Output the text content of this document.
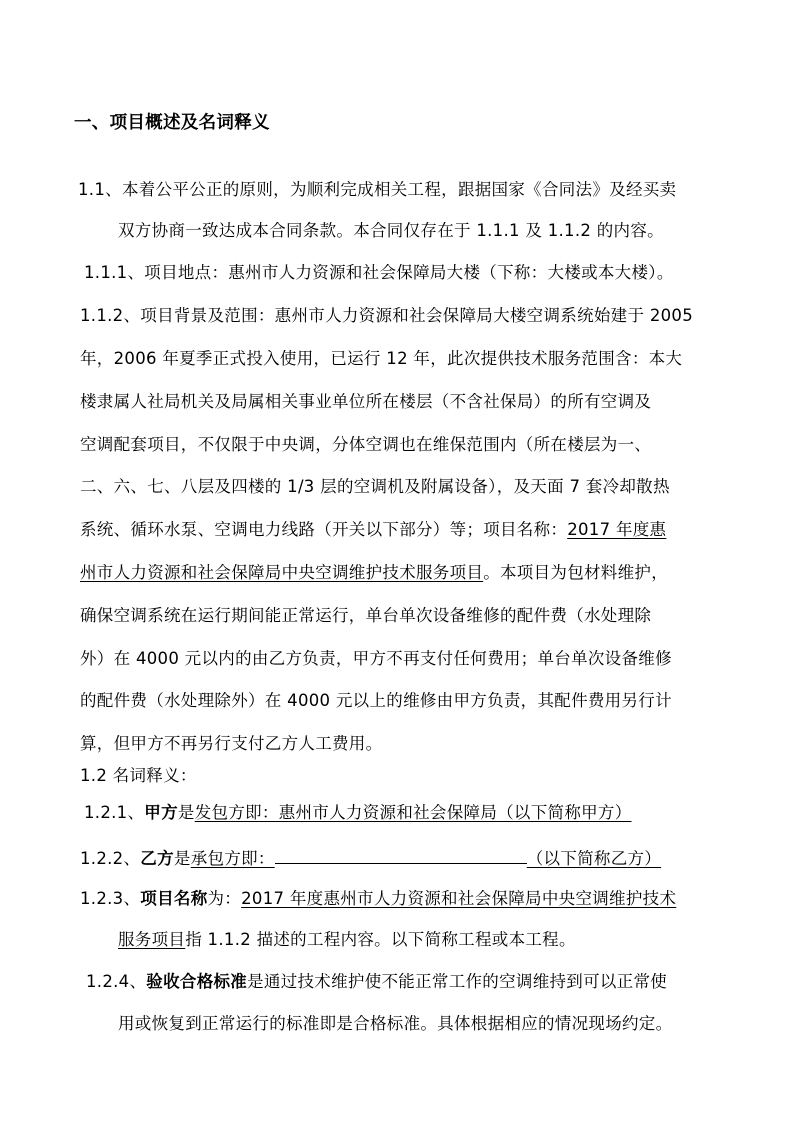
一、项目概述及名词释义
1.1、本着公平公正的原则，为顺利完成相关工程，跟据国家《合同法》及经买卖
双方协商一致达成本合同条款。本合同仅存在于 1.1.1 及 1.1.2 的内容。
1.1.1、项目地点：惠州市人力资源和社会保障局大楼（下称：大楼或本大楼）。
1.1.2、项目背景及范围：惠州市人力资源和社会保障局大楼空调系统始建于 2005
年，2006 年夏季正式投入使用，已运行 12 年，此次提供技术服务范围含：本大
楼隶属人社局机关及局属相关事业单位所在楼层（不含社保局）的所有空调及
空调配套项目，不仅限于中央调，分体空调也在维保范围内（所在楼层为一、
二、六、七、八层及四楼的 1/3 层的空调机及附属设备），及天面 7 套冷却散热
系统、循环水泵、空调电力线路（开关以下部分）等；项目名称：2017 年度惠
州市人力资源和社会保障局中央空调维护技术服务项目。本项目为包材料维护，
确保空调系统在运行期间能正常运行，单台单次设备维修的配件费（水处理除
外）在 4000 元以内的由乙方负责，甲方不再支付任何费用；单台单次设备维修
的配件费（水处理除外）在 4000 元以上的维修由甲方负责，其配件费用另行计
算，但甲方不再另行支付乙方人工费用。
1.2 名词释义：
1.2.1、甲方是发包方即：惠州市人力资源和社会保障局（以下简称甲方）
1.2.2、乙方是承包方即：	（以下简称乙方）
1.2.3、项目名称为：2017 年度惠州市人力资源和社会保障局中央空调维护技术
服务项目指 1.1.2 描述的工程内容。以下简称工程或本工程。
1.2.4、验收合格标准是通过技术维护使不能正常工作的空调维持到可以正常使
用或恢复到正常运行的标准即是合格标准。具体根据相应的情况现场约定。
